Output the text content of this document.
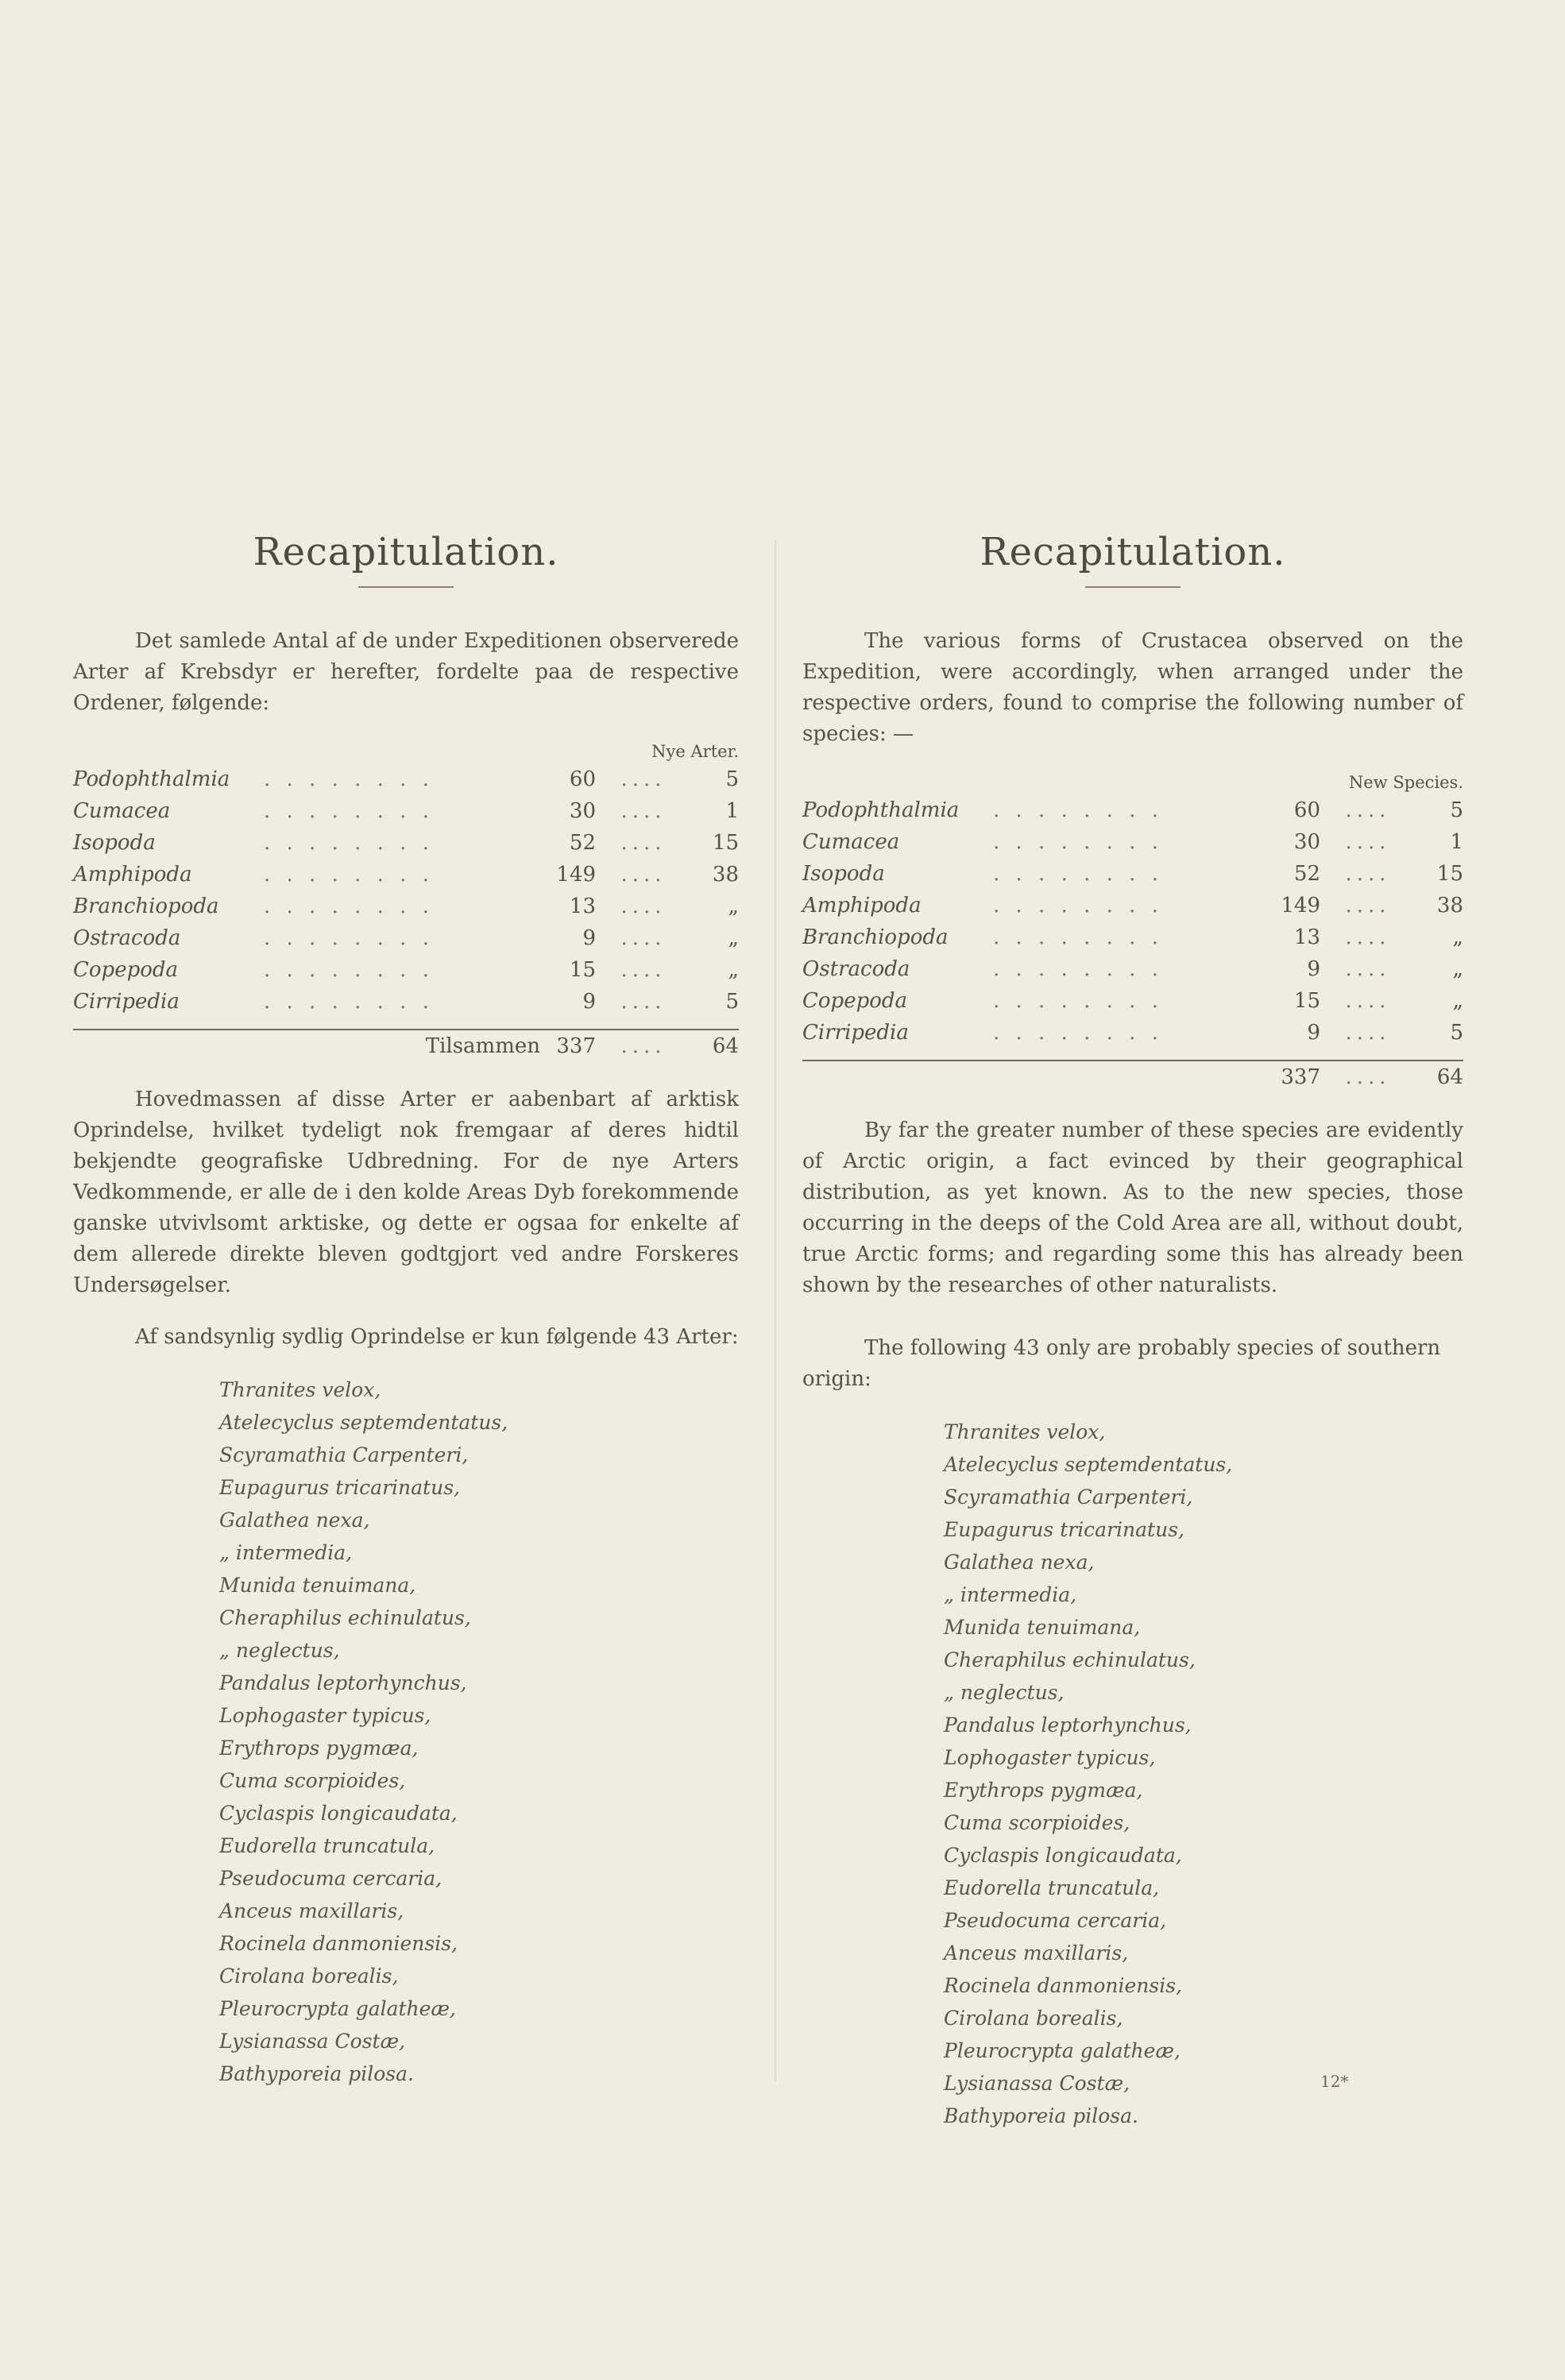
Recapitulation.

Det samlede Antal af de under Expeditionen observerede Arter af Krebsdyr er herefter, fordelte paa de respective Ordener, følgende:

Nye Arter.
Podophthalmia	. . . . . . . .	60	....	5
Cumacea	. . . . . . . .	30	....	1
Isopoda	. . . . . . . .	52	....	15
Amphipoda	. . . . . . . .	149	....	38
Branchiopoda	. . . . . . . .	13	....	„
Ostracoda	. . . . . . . .	9	....	„
Copepoda	. . . . . . . .	15	....	„
Cirripedia	. . . . . . . .	9	....	5
Tilsammen 337	....	64

Hovedmassen af disse Arter er aabenbart af arktisk Oprindelse, hvilket tydeligt nok fremgaar af deres hidtil bekjendte geografiske Udbredning. For de nye Arters Vedkommende, er alle de i den kolde Areas Dyb forekommende ganske utvivlsomt arktiske, og dette er ogsaa for enkelte af dem allerede direkte bleven godtgjort ved andre Forskeres Undersøgelser.

Af sandsynlig sydlig Oprindelse er kun følgende 43 Arter:

Thranites velox,
Atelecyclus septemdentatus,
Scyramathia Carpenteri,
Eupagurus tricarinatus,
Galathea nexa,
„ intermedia,
Munida tenuimana,
Cheraphilus echinulatus,
„ neglectus,
Pandalus leptorhynchus,
Lophogaster typicus,
Erythrops pygmæa,
Cuma scorpioides,
Cyclaspis longicaudata,
Eudorella truncatula,
Pseudocuma cercaria,
Anceus maxillaris,
Rocinela danmoniensis,
Cirolana borealis,
Pleurocrypta galatheæ,
Lysianassa Costæ,
Bathyporeia pilosa.
Recapitulation.

The various forms of Crustacea observed on the Expedition, were accordingly, when arranged under the respective orders, found to comprise the following number of species: —

New Species.
Podophthalmia	. . . . . . . .	60	....	5
Cumacea	. . . . . . . .	30	....	1
Isopoda	. . . . . . . .	52	....	15
Amphipoda	. . . . . . . .	149	....	38
Branchiopoda	. . . . . . . .	13	....	„
Ostracoda	. . . . . . . .	9	....	„
Copepoda	. . . . . . . .	15	....	„
Cirripedia	. . . . . . . .	9	....	5
337	....	64

By far the greater number of these species are evidently of Arctic origin, a fact evinced by their geographical distribution, as yet known. As to the new species, those occurring in the deeps of the Cold Area are all, without doubt, true Arctic forms; and regarding some this has already been shown by the researches of other naturalists.

The following 43 only are probably species of southern origin:

Thranites velox,
Atelecyclus septemdentatus,
Scyramathia Carpenteri,
Eupagurus tricarinatus,
Galathea nexa,
„ intermedia,
Munida tenuimana,
Cheraphilus echinulatus,
„ neglectus,
Pandalus leptorhynchus,
Lophogaster typicus,
Erythrops pygmæa,
Cuma scorpioides,
Cyclaspis longicaudata,
Eudorella truncatula,
Pseudocuma cercaria,
Anceus maxillaris,
Rocinela danmoniensis,
Cirolana borealis,
Pleurocrypta galatheæ,
Lysianassa Costæ,
Bathyporeia pilosa.
12*
